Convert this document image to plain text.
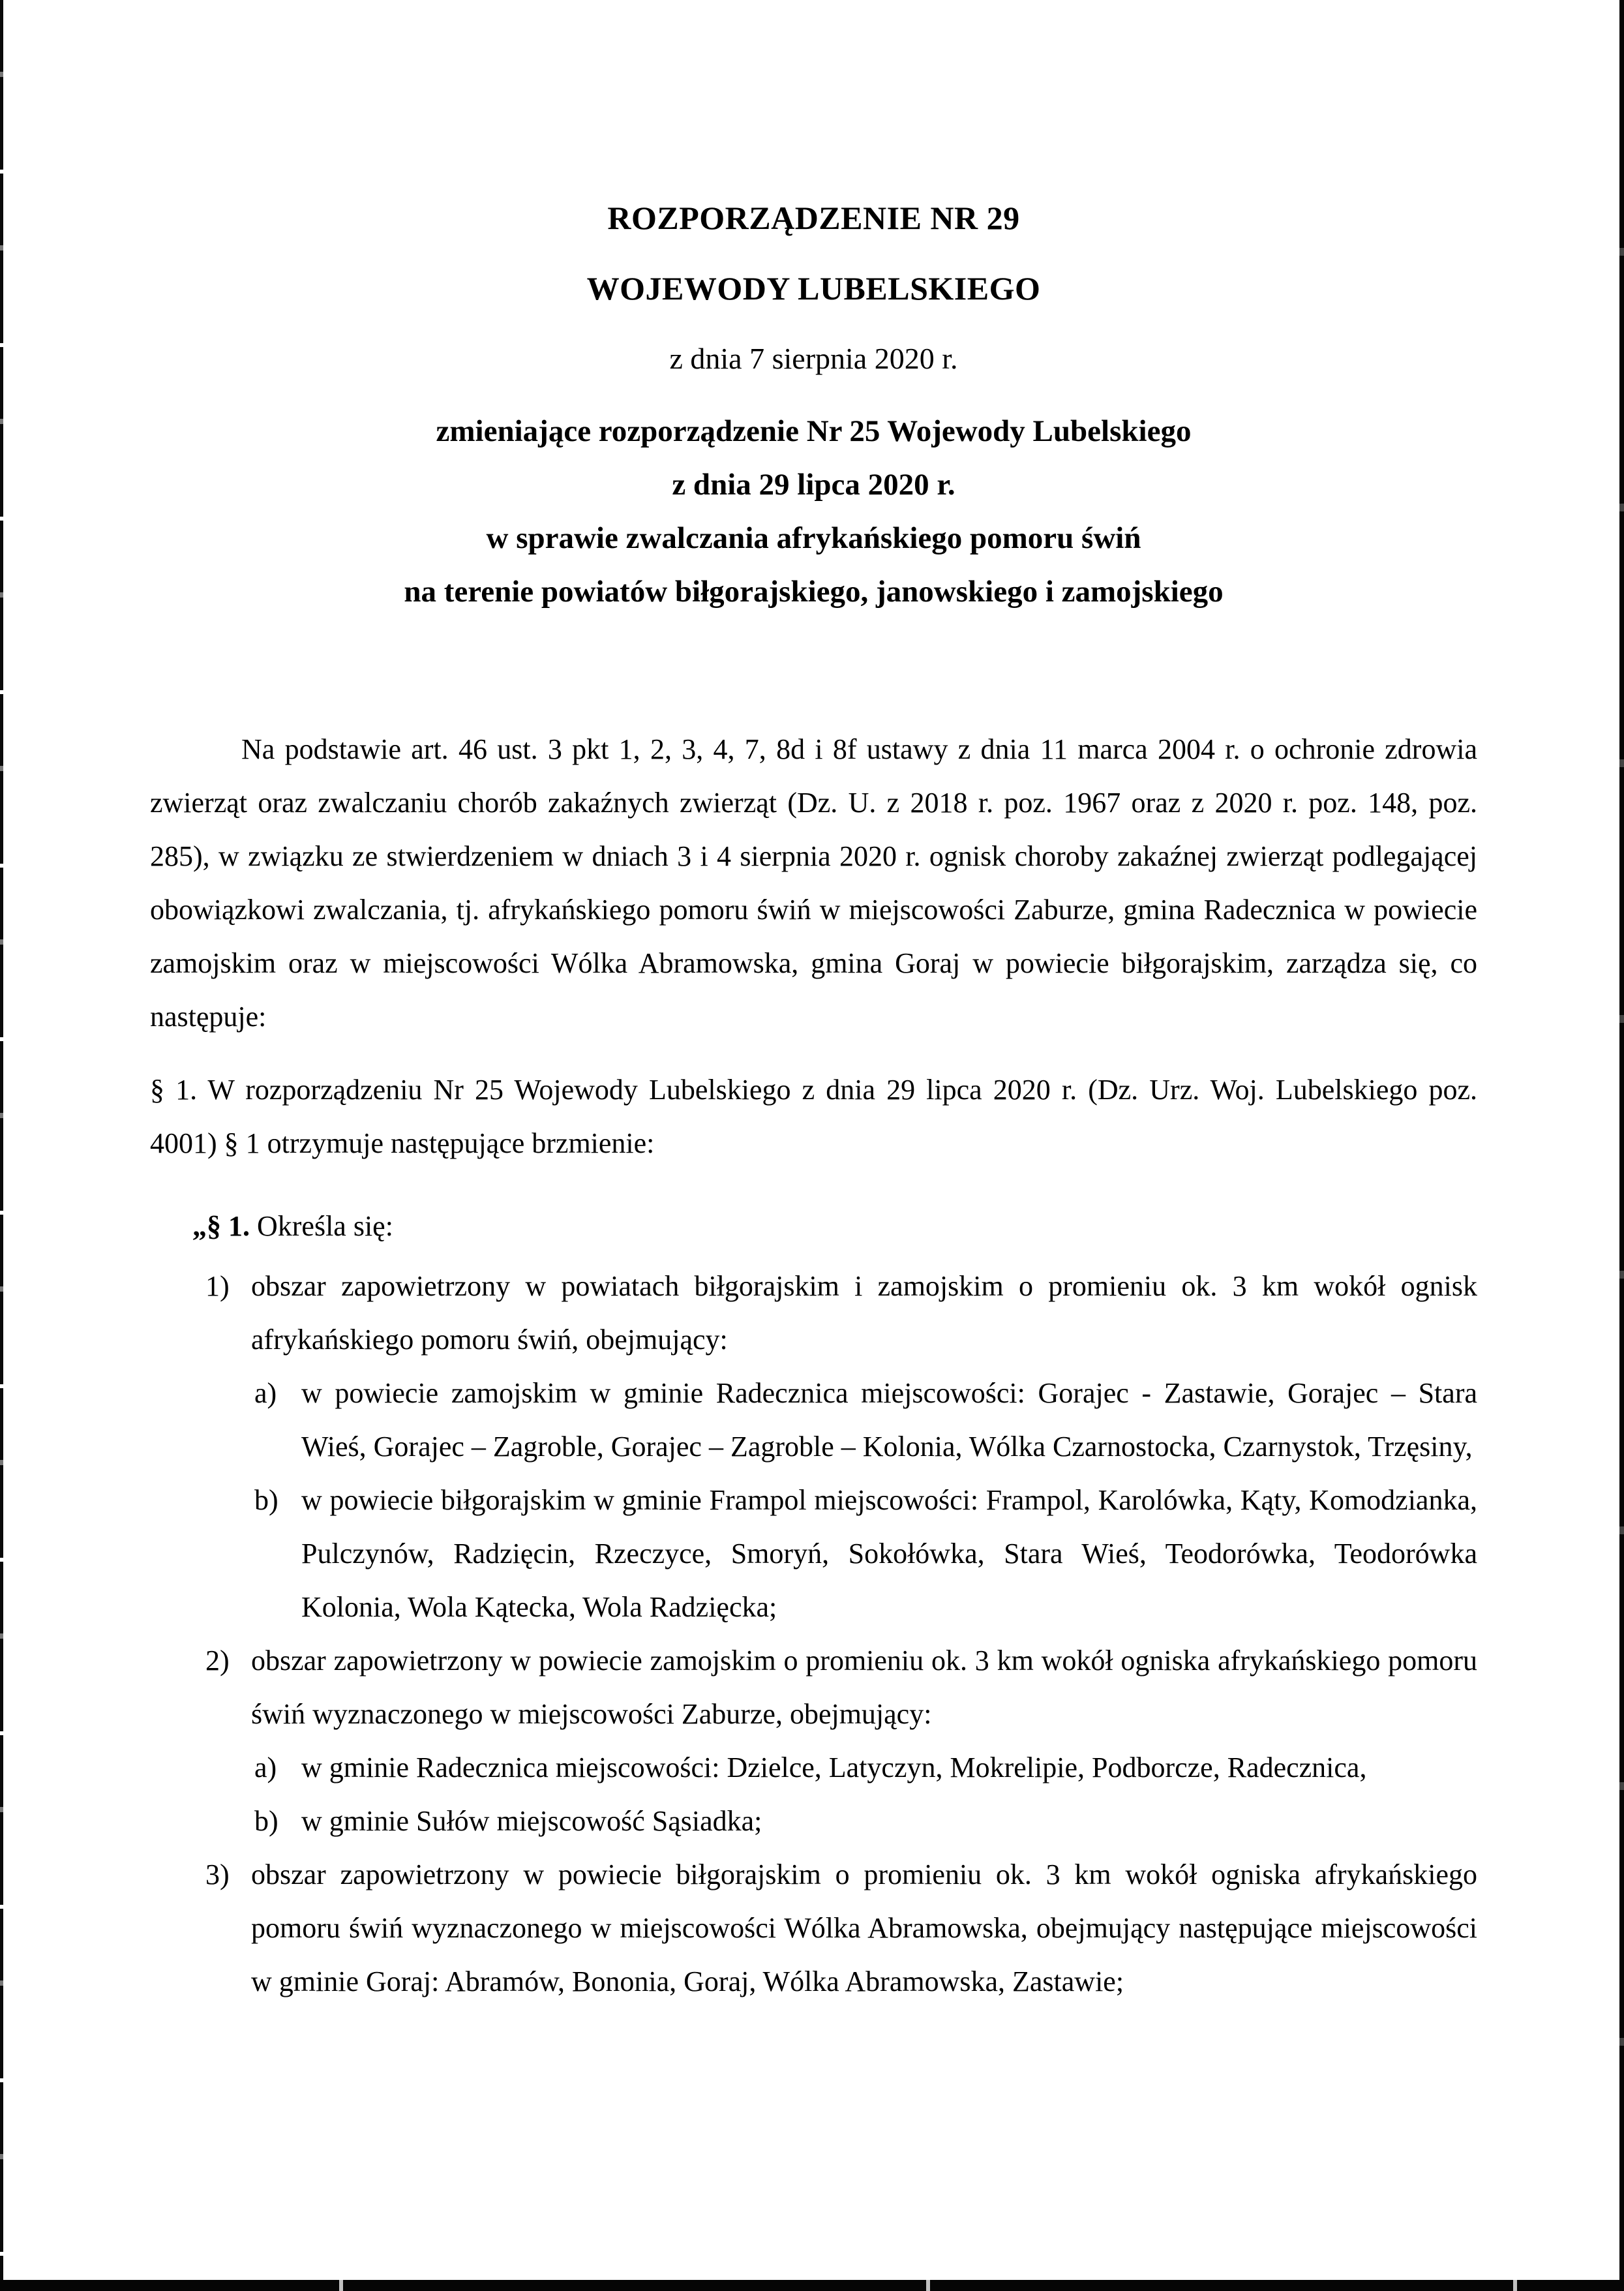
ROZPORZĄDZENIE NR 29
WOJEWODY LUBELSKIEGO
z dnia 7 sierpnia 2020 r.
zmieniające rozporządzenie Nr 25 Wojewody Lubelskiego
z dnia 29 lipca 2020 r.
w sprawie zwalczania afrykańskiego pomoru świń
na terenie powiatów biłgorajskiego, janowskiego i zamojskiego
Na podstawie art. 46 ust. 3 pkt 1, 2, 3, 4, 7, 8d i 8f ustawy z dnia 11 marca 2004 r. o ochronie zdrowia zwierząt oraz zwalczaniu chorób zakaźnych zwierząt (Dz. U. z 2018 r. poz. 1967 oraz z 2020 r. poz. 148, poz. 285), w związku ze stwierdzeniem w dniach 3 i 4 sierpnia 2020 r. ognisk choroby zakaźnej zwierząt podlegającej obowiązkowi zwalczania, tj. afrykańskiego pomoru świń w miejscowości Zaburze, gmina Radecznica w powiecie zamojskim oraz w miejscowości Wólka Abramowska, gmina Goraj w powiecie biłgorajskim, zarządza się, co następuje:
§ 1. W rozporządzeniu Nr 25 Wojewody Lubelskiego z dnia 29 lipca 2020 r. (Dz. Urz. Woj. Lubelskiego poz. 4001) § 1 otrzymuje następujące brzmienie:
„§ 1. Określa się:
1) obszar zapowietrzony w powiatach biłgorajskim i zamojskim o promieniu ok. 3 km wokół ognisk afrykańskiego pomoru świń, obejmujący:
a) w powiecie zamojskim w gminie Radecznica miejscowości: Gorajec - Zastawie, Gorajec – Stara Wieś, Gorajec – Zagroble, Gorajec – Zagroble – Kolonia, Wólka Czarnostocka, Czarnystok, Trzęsiny,
b) w powiecie biłgorajskim w gminie Frampol miejscowości: Frampol, Karolówka, Kąty, Komodzianka, Pulczynów, Radzięcin, Rzeczyce, Smoryń, Sokołówka, Stara Wieś, Teodorówka, Teodorówka Kolonia, Wola Kątecka, Wola Radzięcka;
2) obszar zapowietrzony w powiecie zamojskim o promieniu ok. 3 km wokół ogniska afrykańskiego pomoru świń wyznaczonego w miejscowości Zaburze, obejmujący:
a) w gminie Radecznica miejscowości: Dzielce, Latyczyn, Mokrelipie, Podborcze, Radecznica,
b) w gminie Sułów miejscowość Sąsiadka;
3) obszar zapowietrzony w powiecie biłgorajskim o promieniu ok. 3 km wokół ogniska afrykańskiego pomoru świń wyznaczonego w miejscowości Wólka Abramowska, obejmujący następujące miejscowości w gminie Goraj: Abramów, Bononia, Goraj, Wólka Abramowska, Zastawie;
